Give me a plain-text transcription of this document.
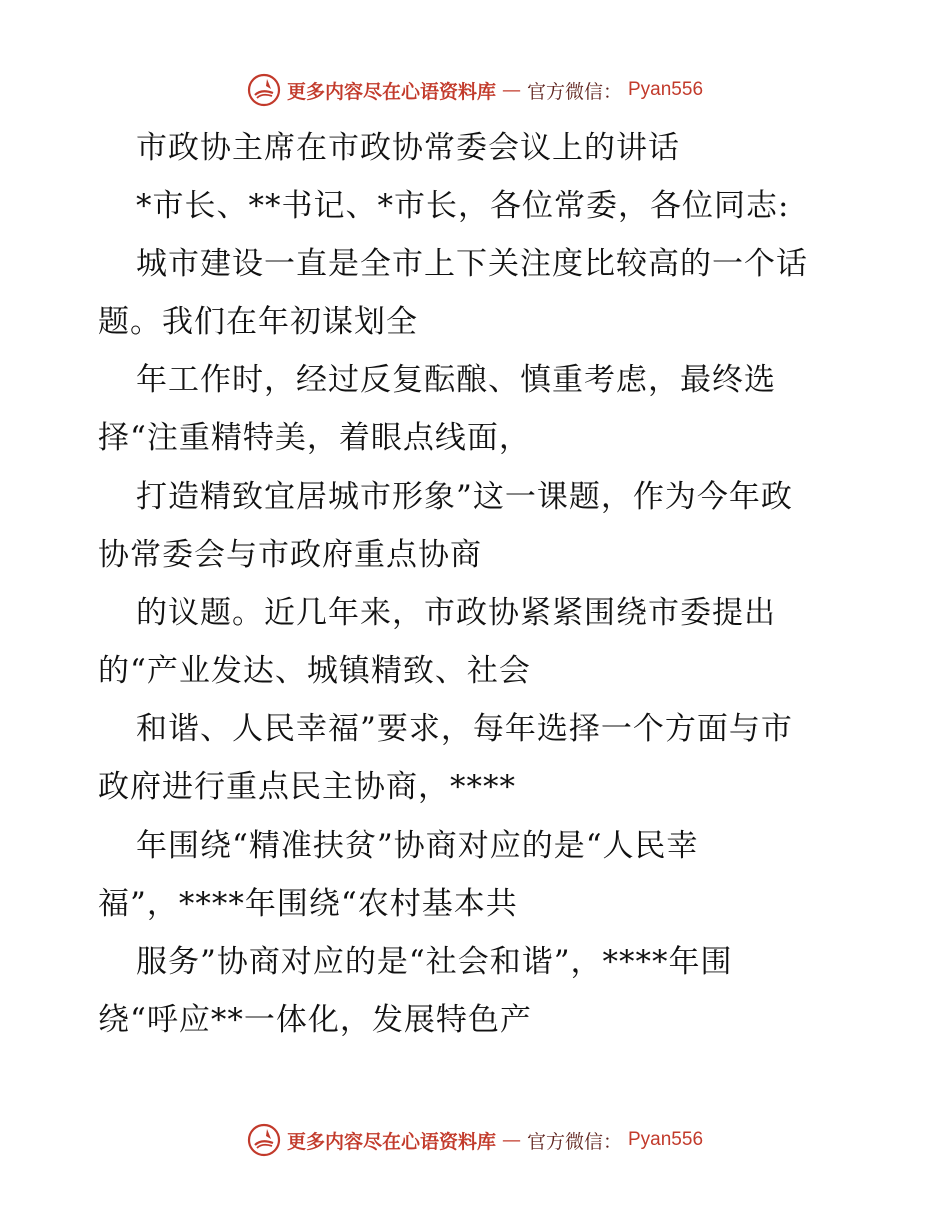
更多内容尽在心语资料库 — 官方微信： Pyan556
市政协主席在市政协常委会议上的讲话
*市长、**书记、*市长，各位常委，各位同志:
城市建设一直是全市上下关注度比较高的一个话
题。我们在年初谋划全
年工作时，经过反复酝酿、慎重考虑，最终选
择“注重精特美，着眼点线面，
打造精致宜居城市形象”这一课题，作为今年政
协常委会与市政府重点协商
的议题。近几年来，市政协紧紧围绕市委提出
的“产业发达、城镇精致、社会
和谐、人民幸福”要求，每年选择一个方面与市
政府进行重点民主协商，****
年围绕“精准扶贫”协商对应的是“人民幸
福”，****年围绕“农村基本共
服务”协商对应的是“社会和谐”，****年围
绕“呼应**一体化，发展特色产
更多内容尽在心语资料库 — 官方微信： Pyan556
